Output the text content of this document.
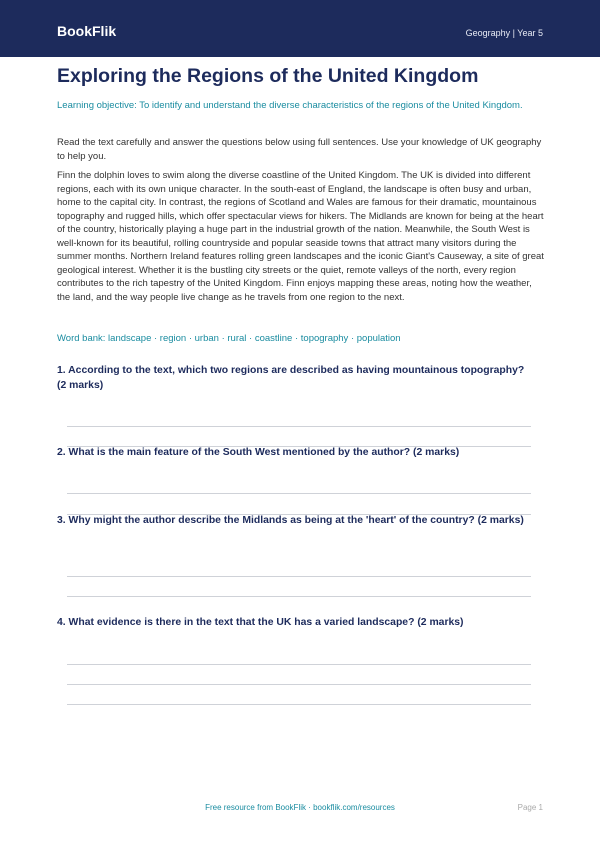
BookFlik	Geography | Year 5
Exploring the Regions of the United Kingdom
Learning objective: To identify and understand the diverse characteristics of the regions of the United Kingdom.
Read the text carefully and answer the questions below using full sentences. Use your knowledge of UK geography to help you.
Finn the dolphin loves to swim along the diverse coastline of the United Kingdom. The UK is divided into different regions, each with its own unique character. In the south-east of England, the landscape is often busy and urban, home to the capital city. In contrast, the regions of Scotland and Wales are famous for their dramatic, mountainous topography and rugged hills, which offer spectacular views for hikers. The Midlands are known for being at the heart of the country, historically playing a huge part in the industrial growth of the nation. Meanwhile, the South West is well-known for its beautiful, rolling countryside and popular seaside towns that attract many visitors during the summer months. Northern Ireland features rolling green landscapes and the iconic Giant's Causeway, a site of great geological interest. Whether it is the bustling city streets or the quiet, remote valleys of the north, every region contributes to the rich tapestry of the United Kingdom. Finn enjoys mapping these areas, noting how the weather, the land, and the way people live change as he travels from one region to the next.
Word bank: landscape · region · urban · rural · coastline · topography · population
1. According to the text, which two regions are described as having mountainous topography? (2 marks)
2. What is the main feature of the South West mentioned by the author? (2 marks)
3. Why might the author describe the Midlands as being at the 'heart' of the country? (2 marks)
4. What evidence is there in the text that the UK has a varied landscape? (2 marks)
Free resource from BookFlik · bookflik.com/resources	Page 1
